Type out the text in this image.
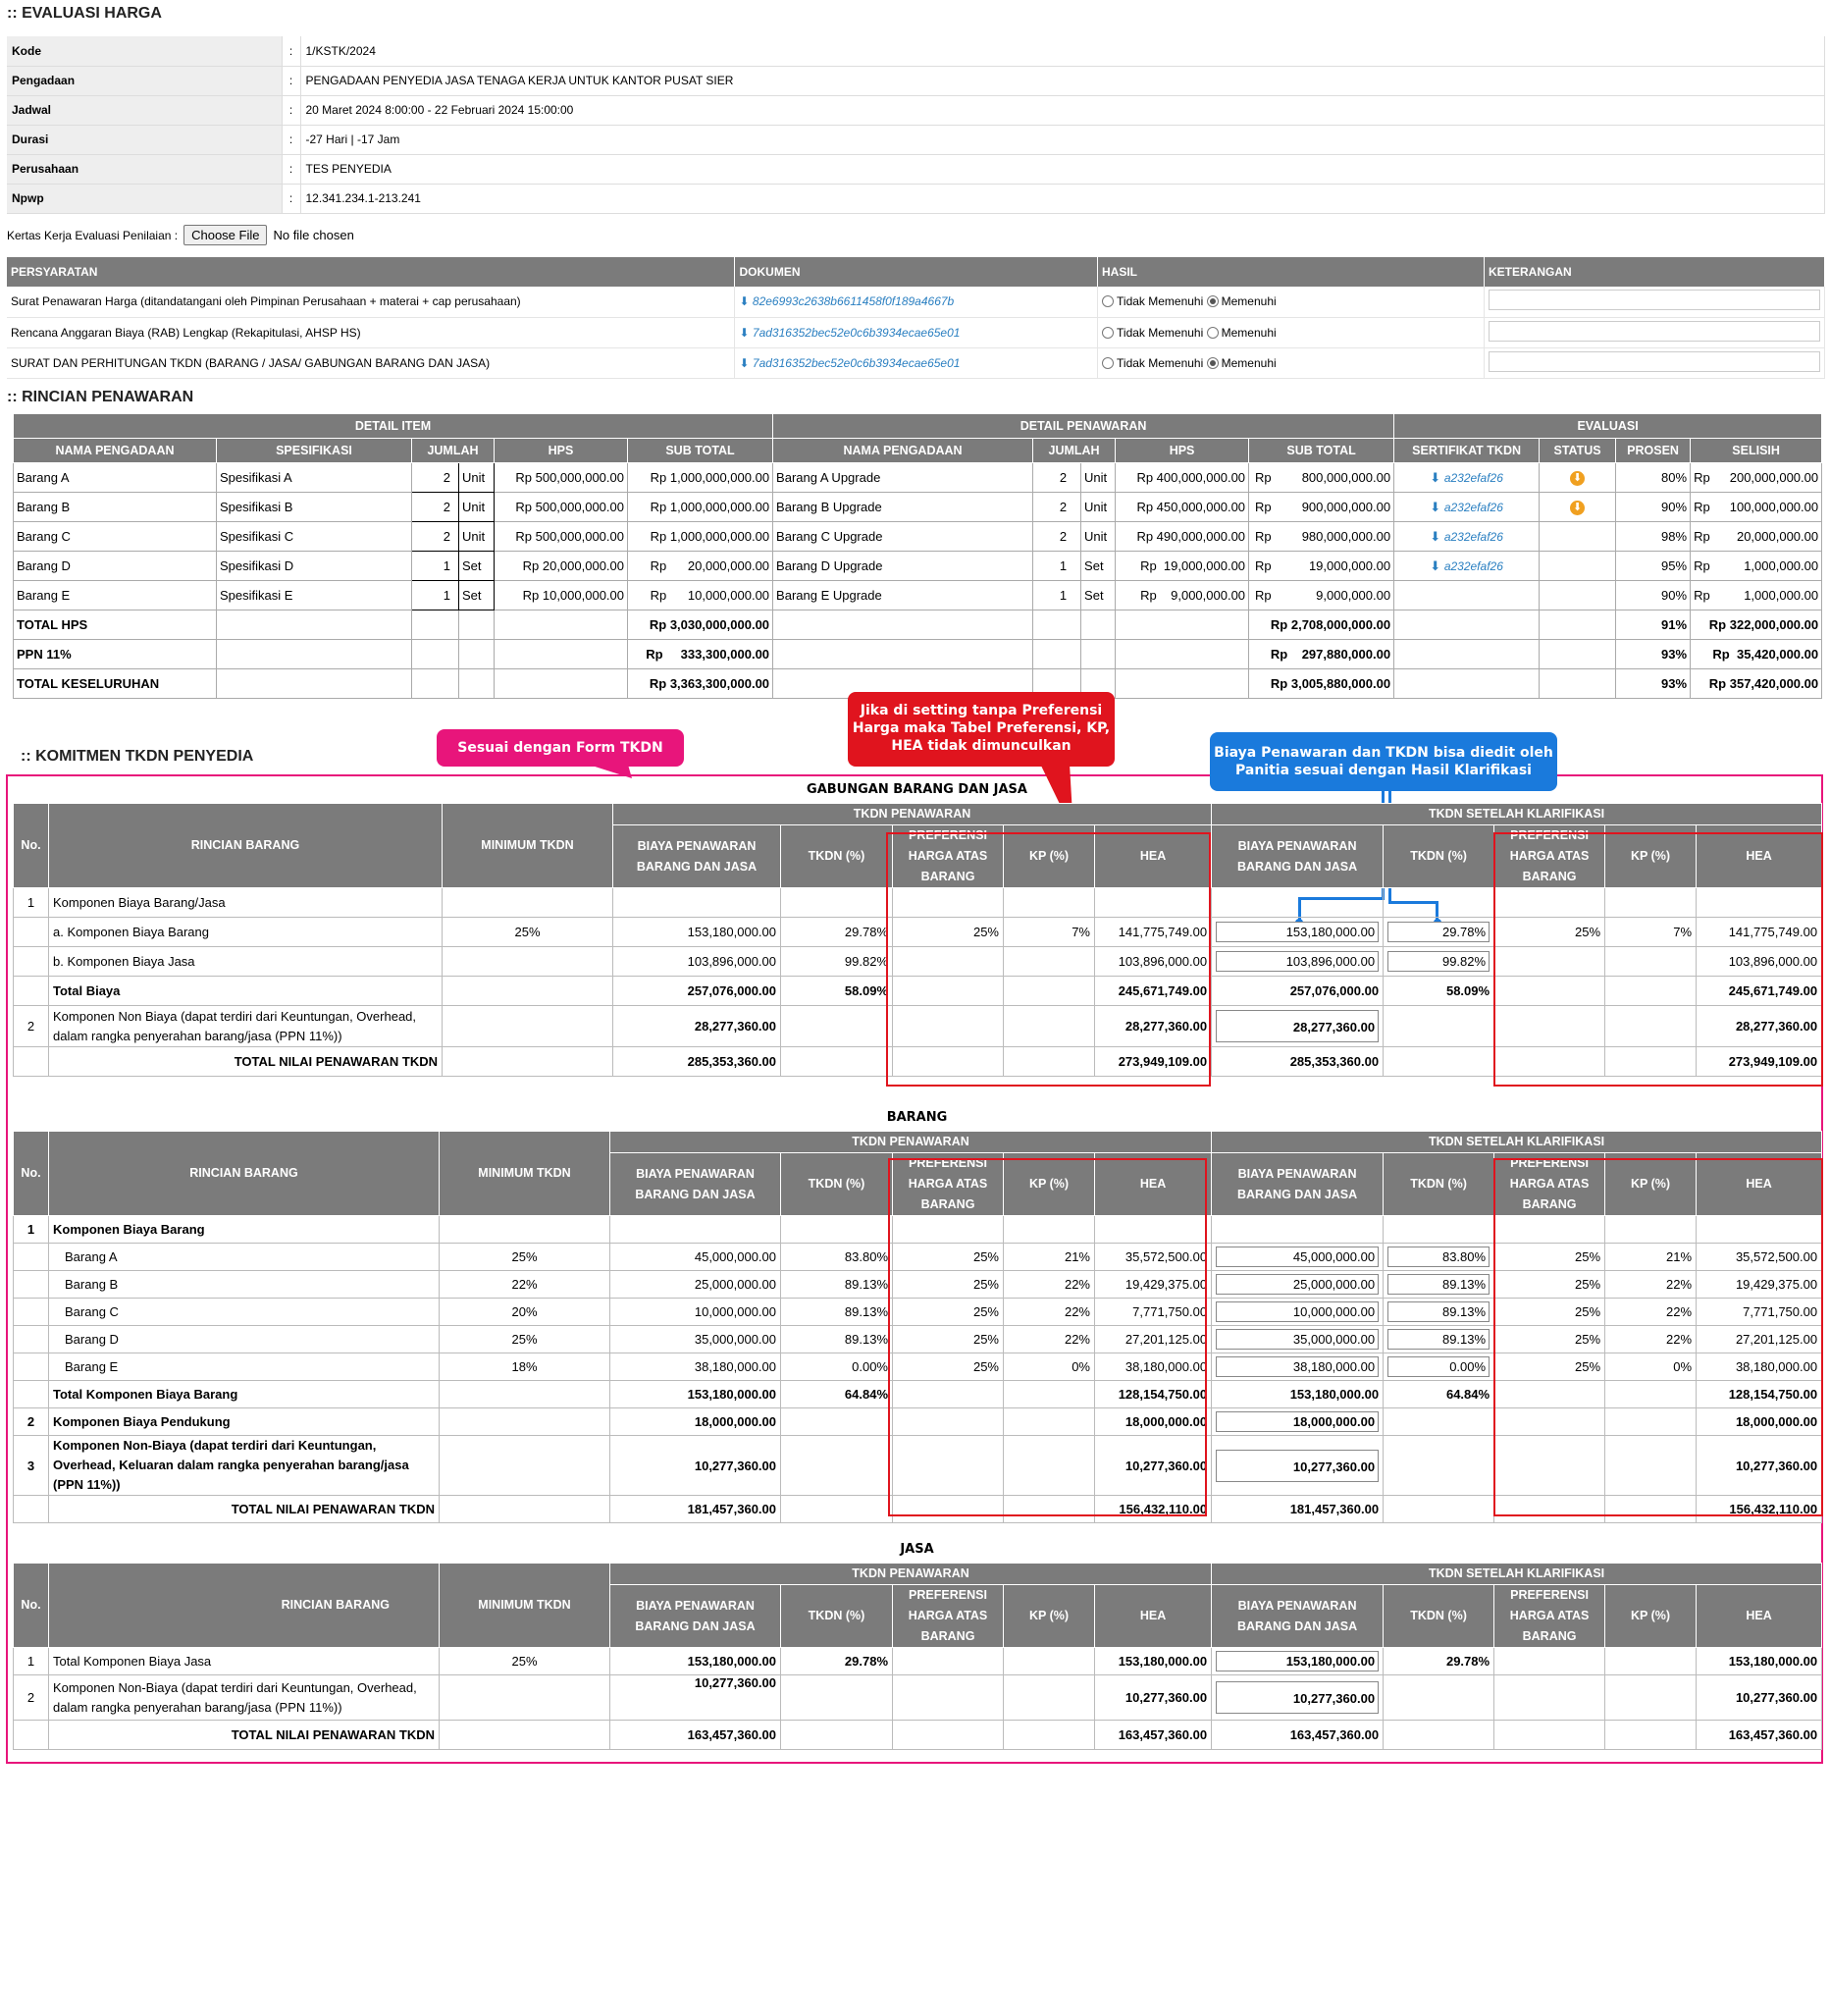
:: EVALUASI HARGA
Kode	:	1/KSTK/2024
Pengadaan	:	PENGADAAN PENYEDIA JASA TENAGA KERJA UNTUK KANTOR PUSAT SIER
Jadwal	:	20 Maret 2024 8:00:00 - 22 Februari 2024 15:00:00
Durasi	:	-27 Hari | -17 Jam
Perusahaan	:	TES PENYEDIA
Npwp	:	12.341.234.1-213.241
Kertas Kerja Evaluasi Penilaian :	Choose File	No file chosen
PERSYARATAN	DOKUMEN	HASIL	KETERANGAN
Surat Penawaran Harga (ditandatangani oleh Pimpinan Perusahaan + materai + cap perusahaan)	⬇ 82e6993c2638b6611458f0f189a4667b	Tidak Memenuhi Memenuhi	
Rencana Anggaran Biaya (RAB) Lengkap (Rekapitulasi, AHSP HS)	⬇ 7ad316352bec52e0c6b3934ecae65e01	Tidak Memenuhi Memenuhi	
SURAT DAN PERHITUNGAN TKDN (BARANG / JASA/ GABUNGAN BARANG DAN JASA)	⬇ 7ad316352bec52e0c6b3934ecae65e01	Tidak Memenuhi Memenuhi	
:: RINCIAN PENAWARAN
DETAIL ITEM						DETAIL PENAWARAN					EVALUASI			
NAMA PENGADAAN	SPESIFIKASI	JUMLAH		HPS	SUB TOTAL	NAMA PENGADAAN	JUMLAH		HPS	SUB TOTAL	SERTIFIKAT TKDN	STATUS	PROSEN	SELISIH
Barang A	Spesifikasi A	2	Unit	Rp 500,000,000.00	Rp 1,000,000,000.00	Barang A Upgrade	2	Unit	Rp 400,000,000.00	Rp 800,000,000.00	⬇ a232efaf26	⬇	80%	Rp 200,000,000.00

Barang B	Spesifikasi B	2	Unit	Rp 500,000,000.00	Rp 1,000,000,000.00	Barang B Upgrade	2	Unit	Rp 450,000,000.00	Rp 900,000,000.00	⬇ a232efaf26	⬇	90%	Rp 100,000,000.00

Barang C	Spesifikasi C	2	Unit	Rp 500,000,000.00	Rp 1,000,000,000.00	Barang C Upgrade	2	Unit	Rp 490,000,000.00	Rp 980,000,000.00	⬇ a232efaf26		98%	Rp 20,000,000.00

Barang D	Spesifikasi D	1	Set	Rp 20,000,000.00	Rp      20,000,000.00	Barang D Upgrade	1	Set	Rp  19,000,000.00	Rp 19,000,000.00	⬇ a232efaf26		95%	Rp 1,000,000.00

Barang E	Spesifikasi E	1	Set	Rp 10,000,000.00	Rp      10,000,000.00	Barang E Upgrade	1	Set	Rp    9,000,000.00	Rp 9,000,000.00			90%	Rp 1,000,000.00

TOTAL HPS					Rp 3,030,000,000.00					Rp 2,708,000,000.00			91%	Rp 322,000,000.00
PPN 11%					Rp     333,300,000.00					Rp    297,880,000.00			93%	Rp  35,420,000.00
TOTAL KESELURUHAN					Rp 3,363,300,000.00					Rp 3,005,880,000.00			93%	Rp 357,420,000.00
:: KOMITMEN TKDN PENYEDIA	Sesuai dengan Form TKDN
Jika di setting tanpa Preferensi Harga maka Tabel Preferensi, KP, HEA tidak dimunculkan	Biaya Penawaran dan TKDN bisa diedit oleh Panitia sesuai dengan Hasil Klarifikasi
GABUNGAN BARANG DAN JASA
No.	RINCIAN BARANG	MINIMUM TKDN	TKDN PENAWARAN					TKDN SETELAH KLARIFIKASI				
			BIAYA PENAWARAN BARANG DAN JASA	TKDN (%)	PREFERENSI HARGA ATAS BARANG	KP (%)	HEA	BIAYA PENAWARAN BARANG DAN JASA	TKDN (%)	PREFERENSI HARGA ATAS BARANG	KP (%)	HEA
1	Komponen Biaya Barang/Jasa											
	a. Komponen Biaya Barang	25%	153,180,000.00	29.78%	25%	7%	141,775,749.00	153,180,000.00	29.78%	25%	7%	141,775,749.00
	b. Komponen Biaya Jasa		103,896,000.00	99.82%			103,896,000.00	103,896,000.00	99.82%			103,896,000.00
	Total Biaya		257,076,000.00	58.09%			245,671,749.00	257,076,000.00	58.09%			245,671,749.00
2	Komponen Non Biaya (dapat terdiri dari Keuntungan, Overhead, dalam rangka penyerahan barang/jasa (PPN 11%))		28,277,360.00				28,277,360.00	28,277,360.00				28,277,360.00
	TOTAL NILAI PENAWARAN TKDN		285,353,360.00				273,949,109.00	285,353,360.00				273,949,109.00
BARANG
No.	RINCIAN BARANG	MINIMUM TKDN	TKDN PENAWARAN					TKDN SETELAH KLARIFIKASI				
			BIAYA PENAWARAN BARANG DAN JASA	TKDN (%)	PREFERENSI HARGA ATAS BARANG	KP (%)	HEA	BIAYA PENAWARAN BARANG DAN JASA	TKDN (%)	PREFERENSI HARGA ATAS BARANG	KP (%)	HEA
1	Komponen Biaya Barang											
	Barang A	25%	45,000,000.00	83.80%	25%	21%	35,572,500.00	45,000,000.00	83.80%	25%	21%	35,572,500.00
	Barang B	22%	25,000,000.00	89.13%	25%	22%	19,429,375.00	25,000,000.00	89.13%	25%	22%	19,429,375.00
	Barang C	20%	10,000,000.00	89.13%	25%	22%	7,771,750.00	10,000,000.00	89.13%	25%	22%	7,771,750.00
	Barang D	25%	35,000,000.00	89.13%	25%	22%	27,201,125.00	35,000,000.00	89.13%	25%	22%	27,201,125.00
	Barang E	18%	38,180,000.00	0.00%	25%	0%	38,180,000.00	38,180,000.00	0.00%	25%	0%	38,180,000.00
	Total Komponen Biaya Barang		153,180,000.00	64.84%			128,154,750.00	153,180,000.00	64.84%			128,154,750.00
2	Komponen Biaya Pendukung		18,000,000.00				18,000,000.00	18,000,000.00				18,000,000.00
3	Komponen Non-Biaya (dapat terdiri dari Keuntungan, Overhead, Keluaran dalam rangka penyerahan barang/jasa (PPN 11%))		10,277,360.00				10,277,360.00	10,277,360.00				10,277,360.00
	TOTAL NILAI PENAWARAN TKDN		181,457,360.00				156,432,110.00	181,457,360.00				156,432,110.00
JASA
No.	RINCIAN BARANG	MINIMUM TKDN	TKDN PENAWARAN					TKDN SETELAH KLARIFIKASI				
			BIAYA PENAWARAN BARANG DAN JASA	TKDN (%)	PREFERENSI HARGA ATAS BARANG	KP (%)	HEA	BIAYA PENAWARAN BARANG DAN JASA	TKDN (%)	PREFERENSI HARGA ATAS BARANG	KP (%)	HEA
1	Total Komponen Biaya Jasa	25%	153,180,000.00	29.78%			153,180,000.00	153,180,000.00	29.78%			153,180,000.00
2	Komponen Non-Biaya (dapat terdiri dari Keuntungan, Overhead, dalam rangka penyerahan barang/jasa (PPN 11%))		10,277,360.00				10,277,360.00	10,277,360.00				10,277,360.00
	TOTAL NILAI PENAWARAN TKDN		163,457,360.00				163,457,360.00	163,457,360.00				163,457,360.00
